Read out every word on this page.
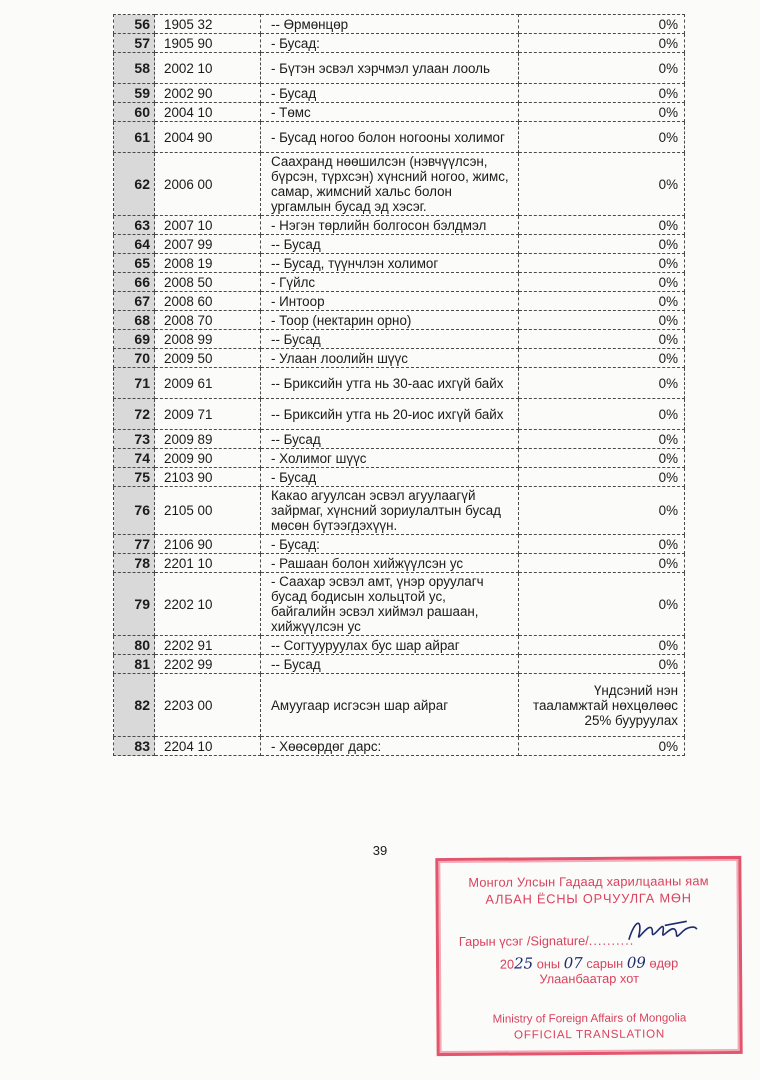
56	1905 32	-- Өрмөнцөр	0%
57	1905 90	- Бусад:	0%
58	2002 10	- Бүтэн эсвэл хэрчмэл улаан лооль	0%
59	2002 90	- Бусад	0%
60	2004 10	- Төмс	0%
61	2004 90	- Бусад ногоо болон ногооны холимог	0%
62	2006 00	Саахранд нөөшилсэн (нэвчүүлсэн, бүрсэн, түрхсэн) хүнсний ногоо, жимс, самар, жимсний хальс болон ургамлын бусад эд хэсэг.	0%
63	2007 10	- Нэгэн төрлийн болгосон бэлдмэл	0%
64	2007 99	-- Бусад	0%
65	2008 19	-- Бусад, түүнчлэн холимог	0%
66	2008 50	- Гүйлс	0%
67	2008 60	- Интоор	0%
68	2008 70	- Тоор (нектарин орно)	0%
69	2008 99	-- Бусад	0%
70	2009 50	- Улаан лоолийн шүүс	0%
71	2009 61	-- Бриксийн утга нь 30-аас ихгүй байх	0%
72	2009 71	-- Бриксийн утга нь 20-иос ихгүй байх	0%
73	2009 89	-- Бусад	0%
74	2009 90	- Холимог шүүс	0%
75	2103 90	- Бусад	0%
76	2105 00	Какао агуулсан эсвэл агуулаагүй зайрмаг, хүнсний зориулалтын бусад мөсөн бүтээгдэхүүн.	0%
77	2106 90	- Бусад:	0%
78	2201 10	- Рашаан болон хийжүүлсэн ус	0%
79	2202 10	- Саахар эсвэл амт, үнэр оруулагч бусад бодисын хольцтой ус, байгалийн эсвэл хиймэл рашаан, хийжүүлсэн ус	0%
80	2202 91	-- Согтууруулах бус шар айраг	0%
81	2202 99	-- Бусад	0%
82	2203 00	Амуугаар исгэсэн шар айраг	Үндсэний нэн тааламжтай нөхцөлөөс 25% бууруулах
83	2204 10	- Хөөсөрдөг дарс:	0%
39
Монгол Улсын Гадаад харилцааны яам
АЛБАН ЁСНЫ ОРЧУУЛГА МӨН
Гарын үсэг /Signature/..........
2025 оны 07 сарын 09 өдөр
Улаанбаатар хот
Ministry of Foreign Affairs of Mongolia
OFFICIAL TRANSLATION
